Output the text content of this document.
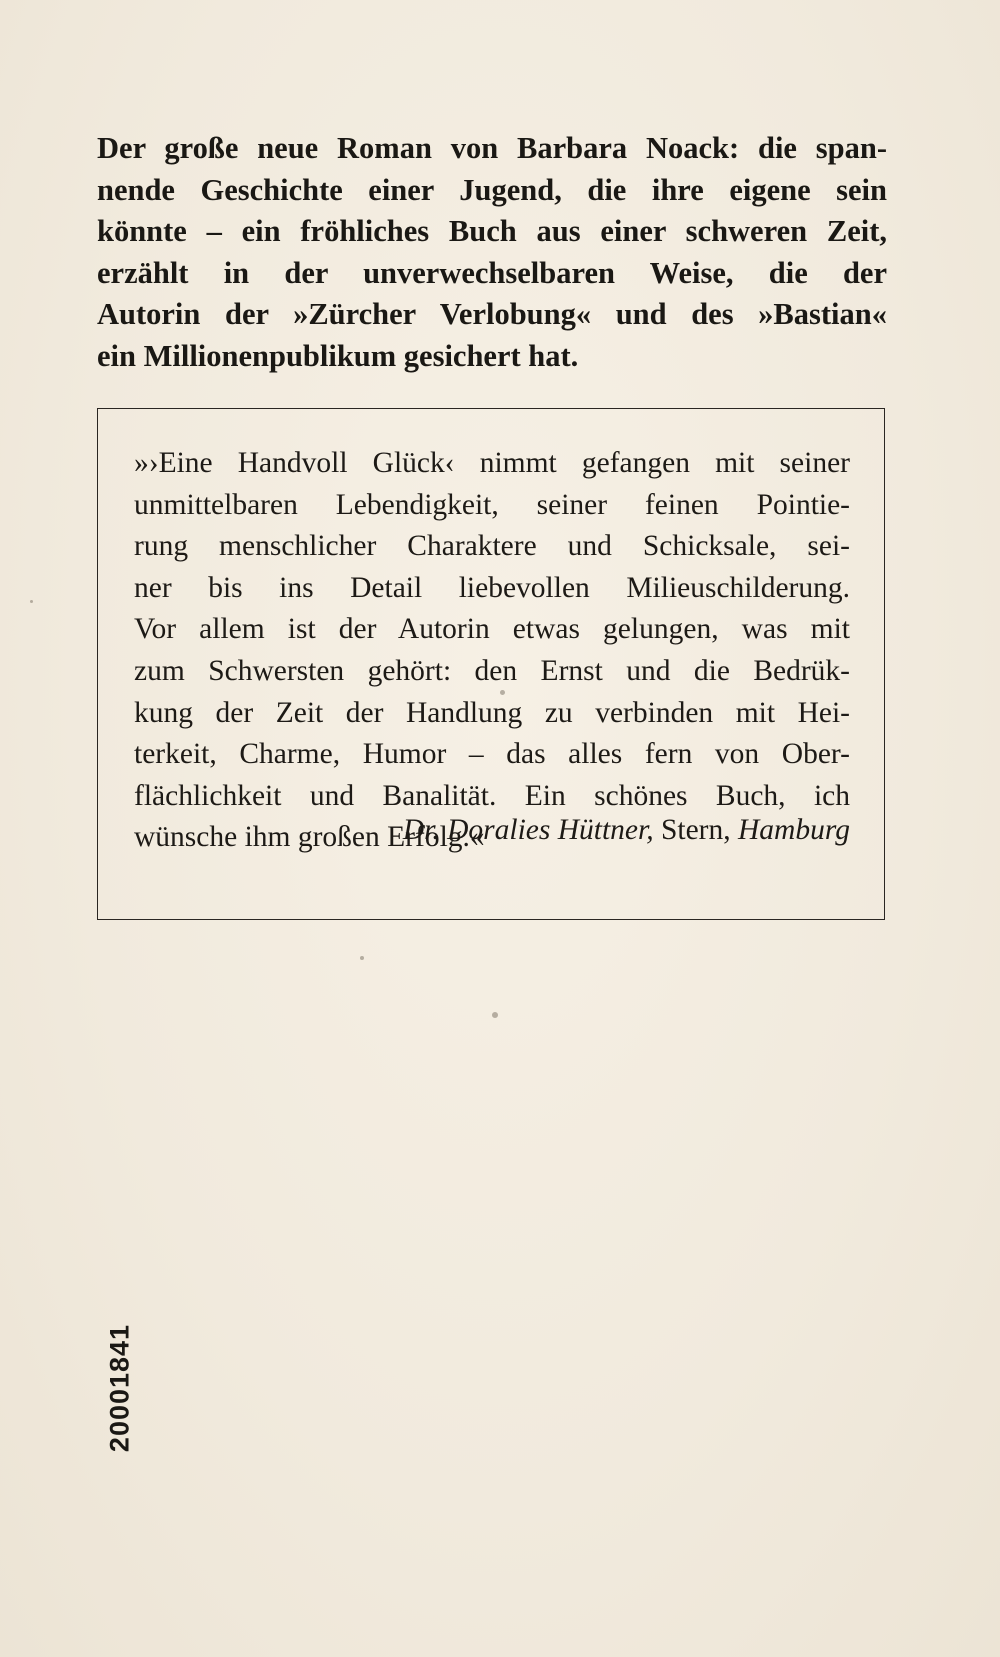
Der große neue Roman von Barbara Noack: die span-
nende Geschichte einer Jugend, die ihre eigene sein
könnte – ein fröhliches Buch aus einer schweren Zeit,
erzählt in der unverwechselbaren Weise, die der
Autorin der »Zürcher Verlobung« und des »Bastian«
ein Millionenpublikum gesichert hat.
»›Eine Handvoll Glück‹ nimmt gefangen mit seiner
unmittelbaren Lebendigkeit, seiner feinen Pointie-
rung menschlicher Charaktere und Schicksale, sei-
ner bis ins Detail liebevollen Milieuschilderung.
Vor allem ist der Autorin etwas gelungen, was mit
zum Schwersten gehört: den Ernst und die Bedrük-
kung der Zeit der Handlung zu verbinden mit Hei-
terkeit, Charme, Humor – das alles fern von Ober-
flächlichkeit und Banalität. Ein schönes Buch, ich
wünsche ihm großen Erfolg.«
Dr. Doralies Hüttner, Stern, Hamburg
20001841
